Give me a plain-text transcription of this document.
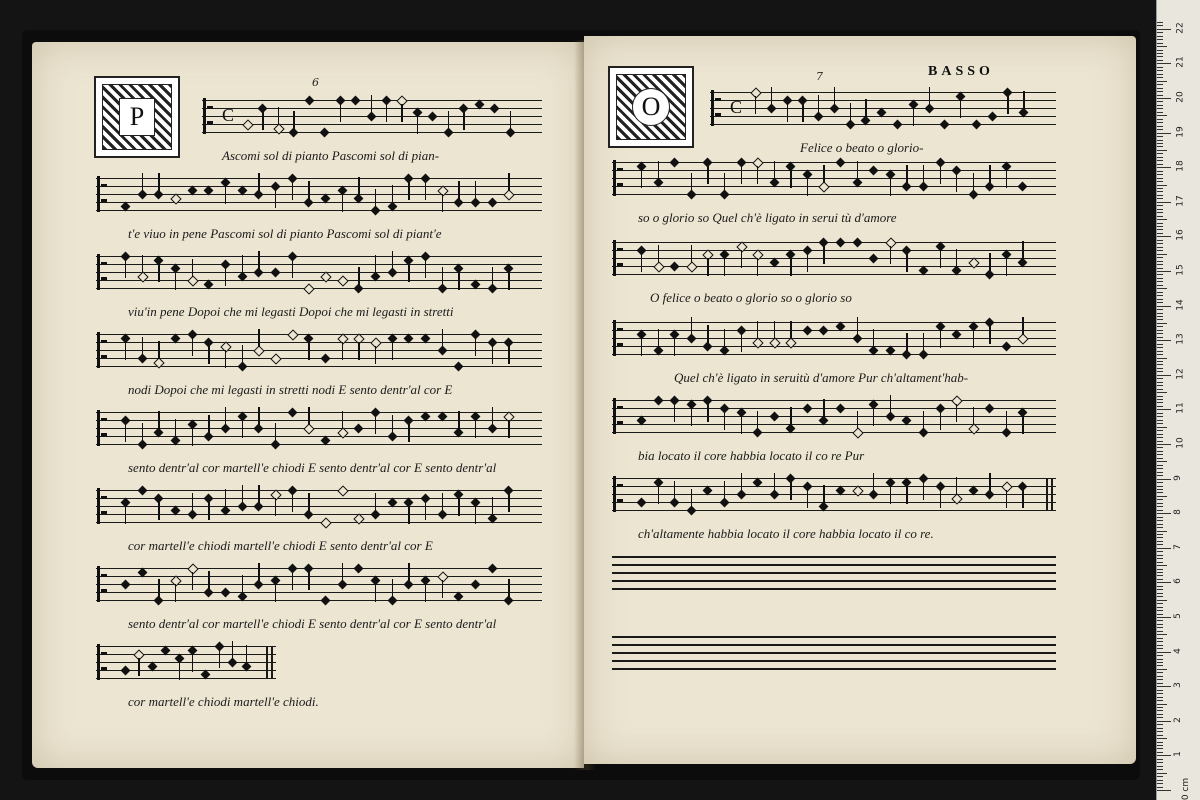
6
P	C
Ascomi sol di pianto Pascomi sol di pian-
t'e viuo in pene Pascomi sol di pianto Pascomi sol di piant'e
viu'in pene Dopoi che mi legasti Dopoi che mi legasti in stretti
nodi Dopoi che mi legasti in stretti nodi E sento dentr'al cor E
sento dentr'al cor martell'e chiodi E sento dentr'al cor E sento dentr'al
cor martell'e chiodi martell'e chiodi E sento dentr'al cor E
sento dentr'al cor martell'e chiodi E sento dentr'al cor E sento dentr'al
cor martell'e chiodi martell'e chiodi.
7	BASSO
O	C
Felice o beato o glorio-
so o glorio so Quel ch'è ligato in serui tù d'amore
O felice o beato o glorio so o glorio so
Quel ch'è ligato in seruitù d'amore Pur ch'altament'hab-
bia locato il core habbia locato il co re Pur
ch'altamente habbia locato il core habbia locato il co re.
0 cm
1
2
3
4
5
6
7
8
9
10
11
12
13
14
15
16
17
18
19
20
21
22
